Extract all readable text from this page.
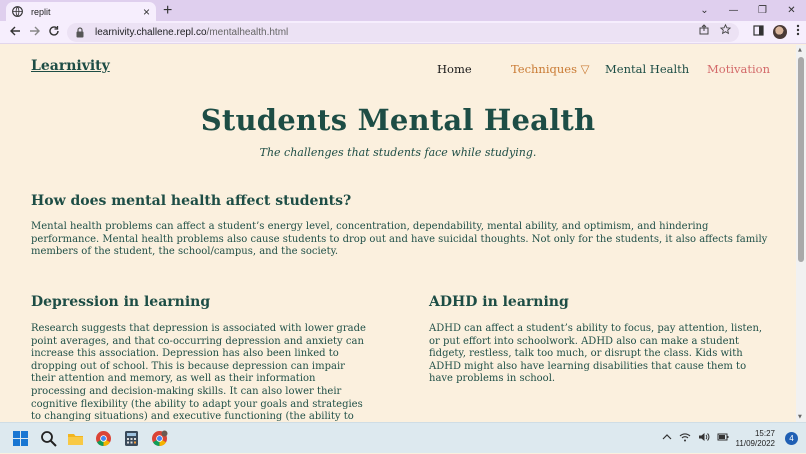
replit	× +	⌄	—	❐	✕
learnivity.challene.repl.co/mentalhealth.html
Learnivity	Home	Techniques ▽ Mental Health Motivation
Students Mental Health
The challenges that students face while studying.
How does mental health affect students?

Mental health problems can affect a student’s energy level, concentration, dependability, mental ability, and optimism, and hindering performance. Mental health problems also cause students to drop out and have suicidal thoughts. Not only for the students, it also affects family members of the student, the school/campus, and the society.

Depression in learning

Research suggests that depression is associated with lower grade point averages, and that co-occurring depression and anxiety can increase this association. Depression has also been linked to dropping out of school. This is because depression can impair their attention and memory, as well as their information processing and decision-making skills. It can also lower their cognitive flexibility (the ability to adapt your goals and strategies to changing situations) and executive functioning (the ability to

ADHD in learning

ADHD can affect a student’s ability to focus, pay attention, listen, or put effort into schoolwork. ADHD also can make a student fidgety, restless, talk too much, or disrupt the class. Kids with ADHD might also have learning disabilities that cause them to have problems in school.

▲
▼
15:27
11/09/2022	4
